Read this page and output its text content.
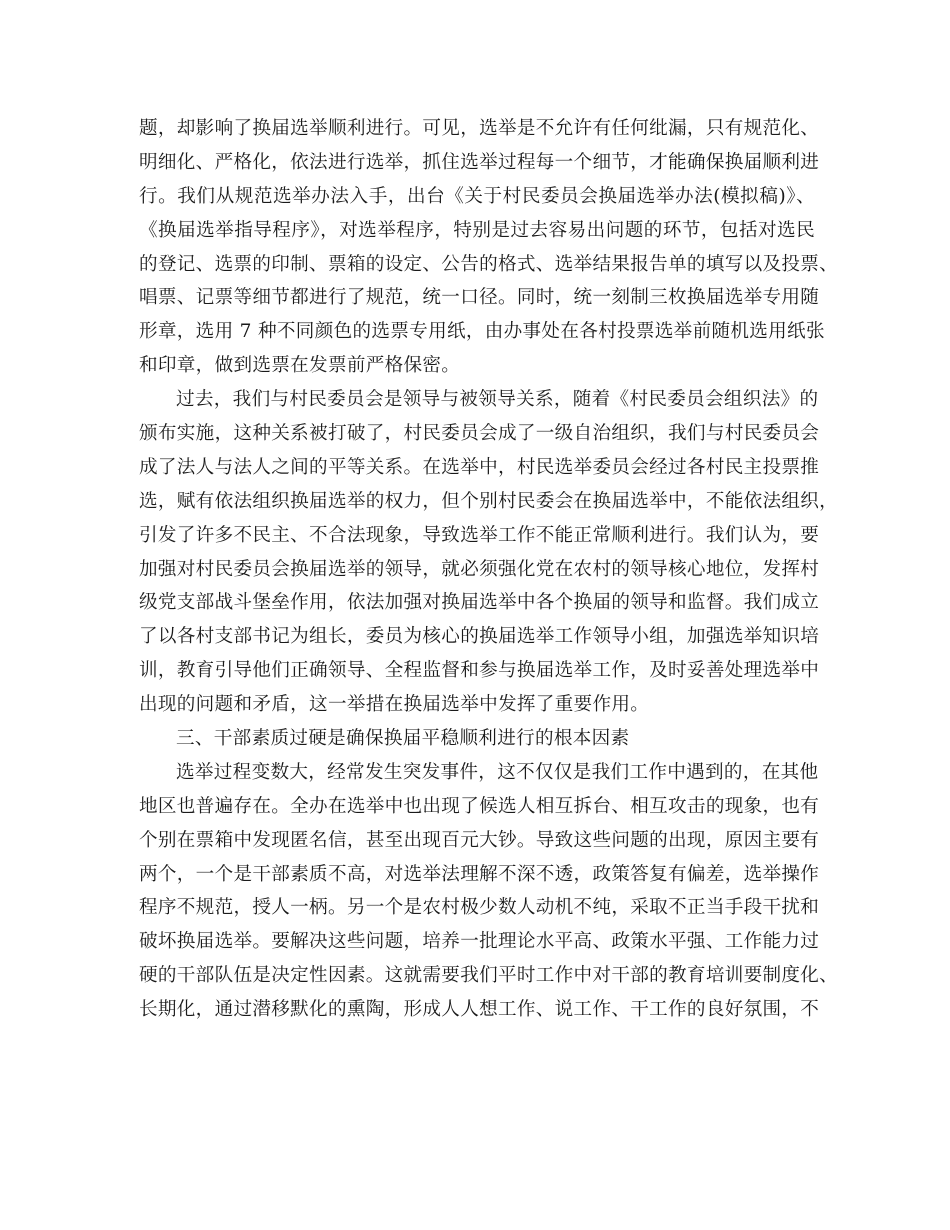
题，却影响了换届选举顺利进行。可见，选举是不允许有任何纰漏，只有规范化、
明细化、严格化，依法进行选举，抓住选举过程每一个细节，才能确保换届顺利进
行。我们从规范选举办法入手，出台《关于村民委员会换届选举办法(模拟稿)》、
《换届选举指导程序》，对选举程序，特别是过去容易出问题的环节，包括对选民
的登记、选票的印制、票箱的设定、公告的格式、选举结果报告单的填写以及投票、
唱票、记票等细节都进行了规范，统一口径。同时，统一刻制三枚换届选举专用随
形章，选用 7 种不同颜色的选票专用纸，由办事处在各村投票选举前随机选用纸张
和印章，做到选票在发票前严格保密。
过去，我们与村民委员会是领导与被领导关系，随着《村民委员会组织法》的
颁布实施，这种关系被打破了，村民委员会成了一级自治组织，我们与村民委员会
成了法人与法人之间的平等关系。在选举中，村民选举委员会经过各村民主投票推
选，赋有依法组织换届选举的权力，但个别村民委会在换届选举中，不能依法组织，
引发了许多不民主、不合法现象，导致选举工作不能正常顺利进行。我们认为，要
加强对村民委员会换届选举的领导，就必须强化党在农村的领导核心地位，发挥村
级党支部战斗堡垒作用，依法加强对换届选举中各个换届的领导和监督。我们成立
了以各村支部书记为组长，委员为核心的换届选举工作领导小组，加强选举知识培
训，教育引导他们正确领导、全程监督和参与换届选举工作，及时妥善处理选举中
出现的问题和矛盾，这一举措在换届选举中发挥了重要作用。
三、干部素质过硬是确保换届平稳顺利进行的根本因素
选举过程变数大，经常发生突发事件，这不仅仅是我们工作中遇到的，在其他
地区也普遍存在。全办在选举中也出现了候选人相互拆台、相互攻击的现象，也有
个别在票箱中发现匿名信，甚至出现百元大钞。导致这些问题的出现，原因主要有
两个，一个是干部素质不高，对选举法理解不深不透，政策答复有偏差，选举操作
程序不规范，授人一柄。另一个是农村极少数人动机不纯，采取不正当手段干扰和
破坏换届选举。要解决这些问题，培养一批理论水平高、政策水平强、工作能力过
硬的干部队伍是决定性因素。这就需要我们平时工作中对干部的教育培训要制度化、
长期化，通过潜移默化的熏陶，形成人人想工作、说工作、干工作的良好氛围，不
